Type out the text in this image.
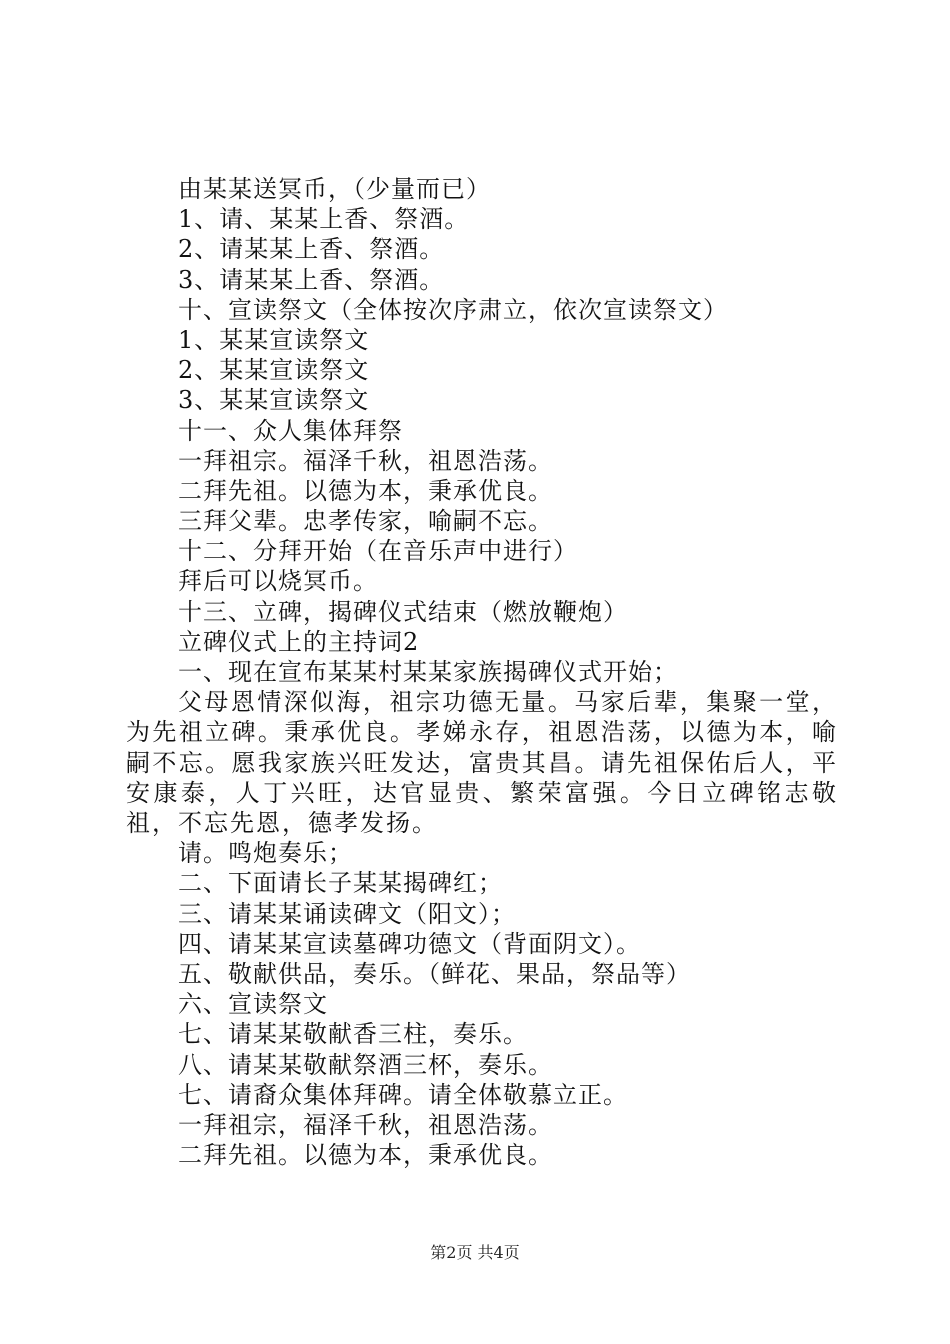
由某某送冥币，（少量而已）
1、请、某某上香、祭酒。
2、请某某上香、祭酒。
3、请某某上香、祭酒。
十、宣读祭文（全体按次序肃立，依次宣读祭文）
1、某某宣读祭文
2、某某宣读祭文
3、某某宣读祭文
十一、众人集体拜祭
一拜祖宗。福泽千秋，祖恩浩荡。
二拜先祖。以德为本，秉承优良。
三拜父辈。忠孝传家，喻嗣不忘。
十二、分拜开始（在音乐声中进行）
拜后可以烧冥币。
十三、立碑，揭碑仪式结束（燃放鞭炮）
立碑仪式上的主持词2
一、现在宣布某某村某某家族揭碑仪式开始；
父母恩情深似海，祖宗功德无量。马家后辈，集聚一堂，为先祖立碑。秉承优良。孝娣永存，祖恩浩荡，以德为本，喻嗣不忘。愿我家族兴旺发达，富贵其昌。请先祖保佑后人，平安康泰，人丁兴旺，达官显贵、繁荣富强。今日立碑铭志敬祖，不忘先恩，德孝发扬。
请。鸣炮奏乐；
二、下面请长子某某揭碑红；
三、请某某诵读碑文（阳文）；
四、请某某宣读墓碑功德文（背面阴文）。
五、敬献供品，奏乐。（鲜花、果品，祭品等）
六、宣读祭文
七、请某某敬献香三柱，奏乐。
八、请某某敬献祭酒三杯，奏乐。
七、请裔众集体拜碑。请全体敬慕立正。
一拜祖宗，福泽千秋，祖恩浩荡。
二拜先祖。以德为本，秉承优良。
第2页 共4页
